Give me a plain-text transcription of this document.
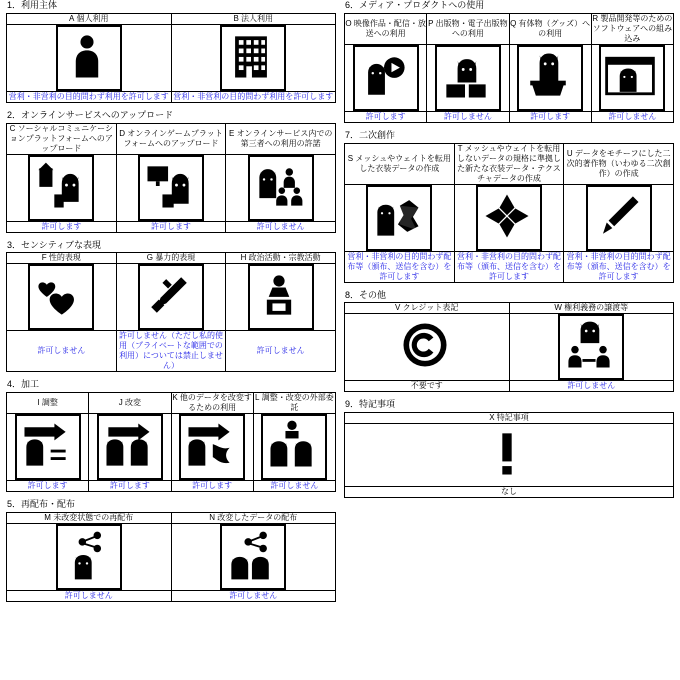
1．利用主体
A 個人利用	B 法人利用

営利・非営利の目的問わず利用を許可します	営利・非営利の目的問わず利用を許可します
2．オンラインサービスへのアップロード
C ソーシャルコミュニケーションプラットフォームへのアップロード	D オンラインゲームプラットフォームへのアップロード	E オンラインサービス内での第三者への利用の許諾

許可します	許可します	許可しません
3．センシティブな表現
F 性的表現	G 暴力的表現	H 政治活動・宗教活動

許可しません	許可しません（ただし私的使用（プライベートな範囲での利用）については禁止しません）	許可しません
4．加工
I 調整	J 改変	K 他のデータを改変するための利用	L 調整・改変の外部委託

許可します	許可します	許可します	許可しません
5．再配布・配布
M 未改変状態での再配布	N 改変したデータの配布

許可しません	許可しません
6．メディア・プロダクトへの使用
O 映像作品・配信・放送への利用	P 出版物・電子出版物への利用	Q 有体物（グッズ）への利用	R 製品開発等のためのソフトウェアへの組み込み

許可します	許可しません	許可します	許可しません
7．二次創作
S メッシュやウェイトを転用した衣装データの作成	T メッシュやウェイトを転用しないデータの規格に準拠した新たな衣装データ・テクスチャデータの作成	U データをモチーフにした二次的著作物（いわゆる二次創作）の作成

営利・非営利の目的問わず配布等（頒布、送信を含む）を許可します	営利・非営利の目的問わず配布等（頒布、送信を含む）を許可します	営利・非営利の目的問わず配布等（頒布、送信を含む）を許可します
8．その他
V クレジット表記	W 権利義務の譲渡等

不要です	許可しません
9．特記事項
X 特記事項

なし
